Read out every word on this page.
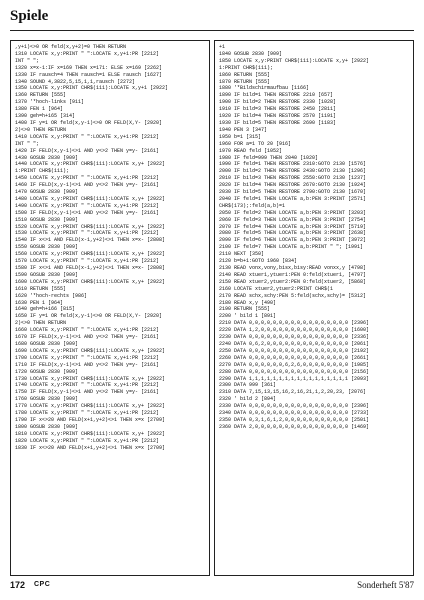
Spiele
,y+1)<>0 OR feld(x,y+2)=0 THEN RETURN
1310 LOCATE x,y:PRINT " ":LOCATE x,y+1:PR [2212]
INT " ";
1320 x=x-1:IF x=169 THEN x=171: ELSE x=169 [2262]
1330 IF rausch=4 THEN rausch=1 ELSE rausch [1627]
1340 SOUND 4,3822,5,15,1,1,rausch [2272]
1350 LOCATE x,y:PRINT CHR$(111):LOCATE x,y+1 [2922]
1360 RETURN [555]
1370 '*hoch-links [911]
1380 FEN 1 [964]
1390 geh=h+165 [314]
1400 IF y=1 OR feld(x,y-1)<>0 OR FELD(X,Y- [2920]
2)<>0 THEN RETURN
1410 LOCATE x,y:PRINT " ":LOCATE x,y+1:PR [2212]
INT " ";
1420 IF FELD(x,y-1)<>1 AND y<>2 THEN y=y- [2161]
1430 GOSUB 2830 [909]
1440 LOCATE x,y:PRINT CHR$(111):LOCATE x,y+ [2922]
1:PRINT CHR$(111);
1450 LOCATE x,y:PRINT " ":LOCATE x,y+1:PR [2212]
1460 IF FELD(x,y-1)<>1 AND y<>2 THEN y=y- [2161]
1470 GOSUB 2830 [909]
1480 LOCATE x,y:PRINT CHR$(111):LOCATE x,y+ [2922]
1490 LOCATE x,y:PRINT " ":LOCATE x,y+1:PR [2212]
1500 IF FELD(x,y-1)<>1 AND y<>2 THEN y=y- [2161]
1510 GOSUB 2830 [909]
1520 LOCATE x,y:PRINT CHR$(111):LOCATE x,y+ [2922]
1530 LOCATE x,y:PRINT " ":LOCATE x,y+1:PR [2212]
1540 IF x<>1 AND FELD(x-1,y+2)<>1 THEN x=x- [2808]
1550 GOSUB 2830 [909]
1560 LOCATE x,y:PRINT CHR$(111):LOCATE x,y+ [2922]
1570 LOCATE x,y:PRINT " ":LOCATE x,y+1:PR [2212]
1580 IF x<>1 AND FELD(x-1,y+2)<>1 THEN x=x- [2808]
1590 GOSUB 2830 [909]
1600 LOCATE x,y:PRINT CHR$(111):LOCATE x,y+ [2922]
1610 RETURN [555]
1620 '*hoch-rechts [986]
1630 PEN 1 [964]
1640 geh=h+166 [815]
1650 IF y=1 OR feld(x,y-1)<>0 OR FELD(X,Y- [2920]
2)<>0 THEN RETURN
1660 LOCATE x,y:PRINT " ":LOCATE x,y+1:PR [2212]
1670 IF FELD(x,y-1)<>1 AND y<>2 THEN y=y- [2161]
1680 GOSUB 2830 [909]
1690 LOCATE x,y:PRINT CHR$(111):LOCATE x,y+ [2922]
1700 LOCATE x,y:PRINT " ":LOCATE x,y+1:PR [2212]
1710 IF FELD(x,y-1)<>1 AND y<>2 THEN y=y- [2161]
1720 GOSUB 2830 [909]
1730 LOCATE x,y:PRINT CHR$(111):LOCATE x,y+ [2922]
1740 LOCATE x,y:PRINT " ":LOCATE x,y+1:PR [2212]
1750 IF FELD(x,y-1)<>1 AND y<>2 THEN y=y- [2161]
1760 GOSUB 2830 [909]
1770 LOCATE x,y:PRINT CHR$(111):LOCATE x,y+ [2922]
1780 LOCATE x,y:PRINT " ":LOCATE x,y+1:PR [2212]
1790 IF x<>20 AND FELD(x+1,y+2)<>1 THEN x=x [2709]
1800 GOSUB 2830 [909]
1810 LOCATE x,y:PRINT CHR$(111):LOCATE x,y+ [2922]
1820 LOCATE x,y:PRINT " ":LOCATE x,y+1:PR [2212]
1830 IF x<>20 AND FELD(x+1,y+2)<>1 THEN x=x [2709]
+1
1840 GOSUB 2830 [909]
1850 LOCATE x,y:PRINT CHR$(111):LOCATE x,y+ [2922]
1:PRINT CHR$(111);
1860 RETURN [555]
1870 RETURN [555]
1880 '*Bildschirmaufbau [1166]
1890 IF bild=1 THEN RESTORE 2210 [657]
1900 IF bild=2 THEN RESTORE 2330 [1028]
1910 IF bild=3 THEN RESTORE 2450 [2811]
1920 IF bild=4 THEN RESTORE 2570 [1191]
1930 IF bild=5 THEN RESTORE 2690 [1183]
1940 PEN 3 [347]
1950 b=1 [315]
1960 FOR a=1 TO 20 [916]
1970 READ feld [1052]
1980 IF feld=999 THEN 2040 [1020]
1990 IF feld=1 THEN RESTORE 2310:GOTO 2130 [1576]
2000 IF bild=2 THEN RESTORE 2430:GOTO 2130 [1296]
2010 IF bild=3 THEN RESTORE 2550:GOTO 2130 [1237]
2020 IF bild=4 THEN RESTORE 2670:GOTO 2130 [1924]
2030 IF bild=5 THEN RESTORE 2790:GOTO 2130 [1670]
2040 IF feld=1 THEN LOCATE a,b:PEN 3:PRINT [2571]
CHR$(173);:feld(a,b)=1
2050 IF feld=2 THEN LOCATE a,b:PEN 3:PRINT [3203]
2060 IF feld=3 THEN LOCATE a,b:PEN 3:PRINT [2754]
2070 IF feld=4 THEN LOCATE a,b:PEN 3:PRINT [5719]
2080 IF feld=5 THEN LOCATE a,b:PEN 3:PRINT [2638]
2090 IF feld=6 THEN LOCATE a,b:PEN 3:PRINT [3972]
2100 IF feld=7 THEN LOCATE a,b:PRINT " "; [1991]
2110 NEXT [350]
2120 b=b+1:GOTO 1960 [834]
2130 READ vonx,vony,bisx,bisy:READ vonxx,y [4798]
2140 READ xtuer1,ytuer1:PEN 0:feld(xtuer1, [4797]
2150 READ xtuer2,ytuer2:PEN 0:feld(xtuer2, [5868]
2160 LOCATE xtuer2,ytuer2:PRINT CHR$(1
2170 READ schx,schy:PEN 5:feld(schx,schy)= [5312]
2180 READ x,y [490]
2190 RETURN [555]
2200 ' bild 1 [891]
2210 DATA 0,0,0,0,0,0,0,0,0,0,0,0,0,0,0,0,0 [2396]
2220 DATA 1,2,0,0,0,0,0,0,0,0,0,0,0,0,0,0,0 [1600]
2230 DATA 0,0,0,0,0,0,0,0,0,0,0,0,0,0,0,0,0 [2336]
2240 DATA 0,6,2,0,0,0,0,0,0,0,0,0,0,0,0,0,0 [2061]
2250 DATA 0,0,0,0,0,0,0,0,0,0,0,0,0,0,0,0,0 [2192]
2260 DATA 0,0,0,0,0,0,0,0,0,0,0,0,0,0,0,0,0 [2661]
2270 DATA 0,0,0,0,0,0,6,2,6,0,0,0,0,0,0,0,0 [1985]
2280 DATA 0,0,0,0,0,0,0,0,0,0,0,0,0,0,0,0,0 [2156]
2290 DATA 1,1,1,1,1,1,1,1,1,1,1,1,1,1,1,1,1 [2093]
2300 DATA 999 [361]
2310 DATA 7,15,13,15,16,2,16,21,1,2,20,23, [2076]
2320 ' bild 2 [894]
2330 DATA 0,0,0,0,0,0,0,0,0,0,0,0,0,0,0,0,0 [2396]
2340 DATA 0,0,0,0,0,0,0,0,0,0,0,0,0,0,0,0,0 [2733]
2350 DATA 0,3,1,6,1,2,0,0,0,0,0,0,0,0,0,0,0 [2501]
2360 DATA 2,0,0,0,0,0,0,0,0,0,0,0,0,0,0,0,0 [1469]
172 CPC	Sonderheft 5'87
